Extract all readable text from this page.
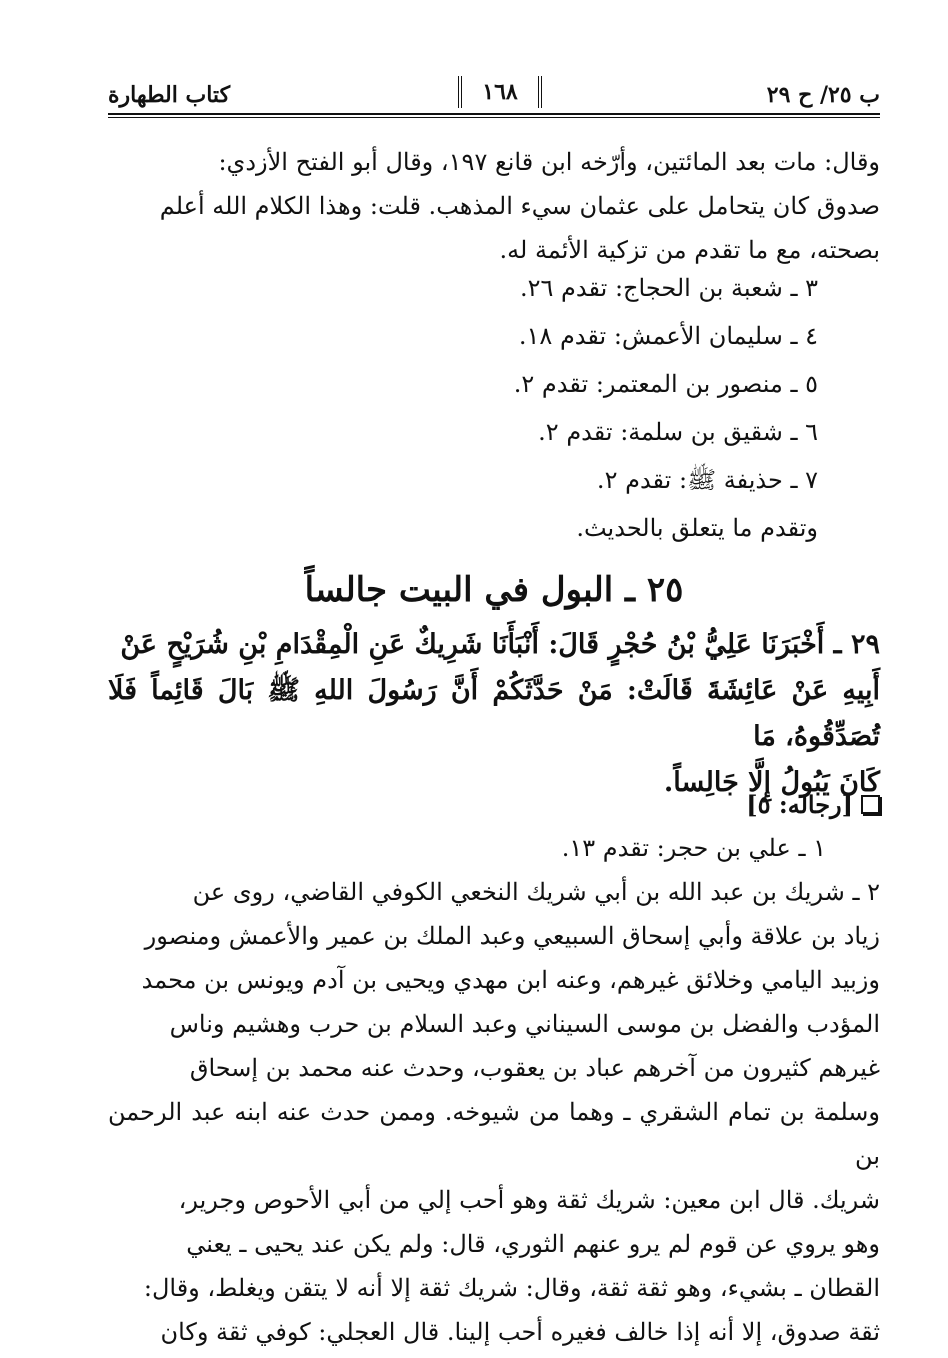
كتاب الطهارة	١٦٨	ب ٢٥/ ح ٢٩

وقال: مات بعد المائتين، وأرّخه ابن قانع ١٩٧، وقال أبو الفتح الأزدي:

صدوق كان يتحامل على عثمان سيء المذهب. قلت: وهذا الكلام الله أعلم

بصحته، مع ما تقدم من تزكية الأئمة له.

٣ ـ شعبة بن الحجاج: تقدم ٢٦.
٤ ـ سليمان الأعمش: تقدم ١٨.
٥ ـ منصور بن المعتمر: تقدم ٢.
٦ ـ شقيق بن سلمة: تقدم ٢.
٧ ـ حذيفة ﷺ: تقدم ٢.
وتقدم ما يتعلق بالحديث.
٢٥ ـ البول في البيت جالساً
٢٩ ـ أَخْبَرَنَا عَلِيُّ بْنُ حُجْرٍ قَالَ: أَنْبَأَنَا شَرِيكٌ عَنِ الْمِقْدَامِ بْنِ شُرَيْحٍ عَنْ
أَبِيهِ عَنْ عَائِشَةَ قَالَتْ: مَنْ حَدَّثَكُمْ أَنَّ رَسُولَ اللهِ ﷺ بَالَ قَائِماً فَلَا تُصَدِّقُوهُ، مَا
كَانَ يَبُولُ إِلَّا جَالِساً.
[رجاله: ٥]

١ ـ علي بن حجر: تقدم ١٣.

٢ ـ شريك بن عبد الله بن أبي شريك النخعي الكوفي القاضي، روى عن

زياد بن علاقة وأبي إسحاق السبيعي وعبد الملك بن عمير والأعمش ومنصور

وزبيد اليامي وخلائق غيرهم، وعنه ابن مهدي ويحيى بن آدم ويونس بن محمد

المؤدب والفضل بن موسى السيناني وعبد السلام بن حرب وهشيم وناس

غيرهم كثيرون من آخرهم عباد بن يعقوب، وحدث عنه محمد بن إسحاق

وسلمة بن تمام الشقري ـ وهما من شيوخه. وممن حدث عنه ابنه عبد الرحمن بن

شريك. قال ابن معين: شريك ثقة وهو أحب إلي من أبي الأحوص وجرير،

وهو يروي عن قوم لم يرو عنهم الثوري، قال: ولم يكن عند يحيى ـ يعني

القطان ـ بشيء، وهو ثقة ثقة، وقال: شريك ثقة إلا أنه لا يتقن ويغلط، وقال:

ثقة صدوق، إلا أنه إذا خالف فغيره أحب إلينا. قال العجلي: كوفي ثقة وكان
